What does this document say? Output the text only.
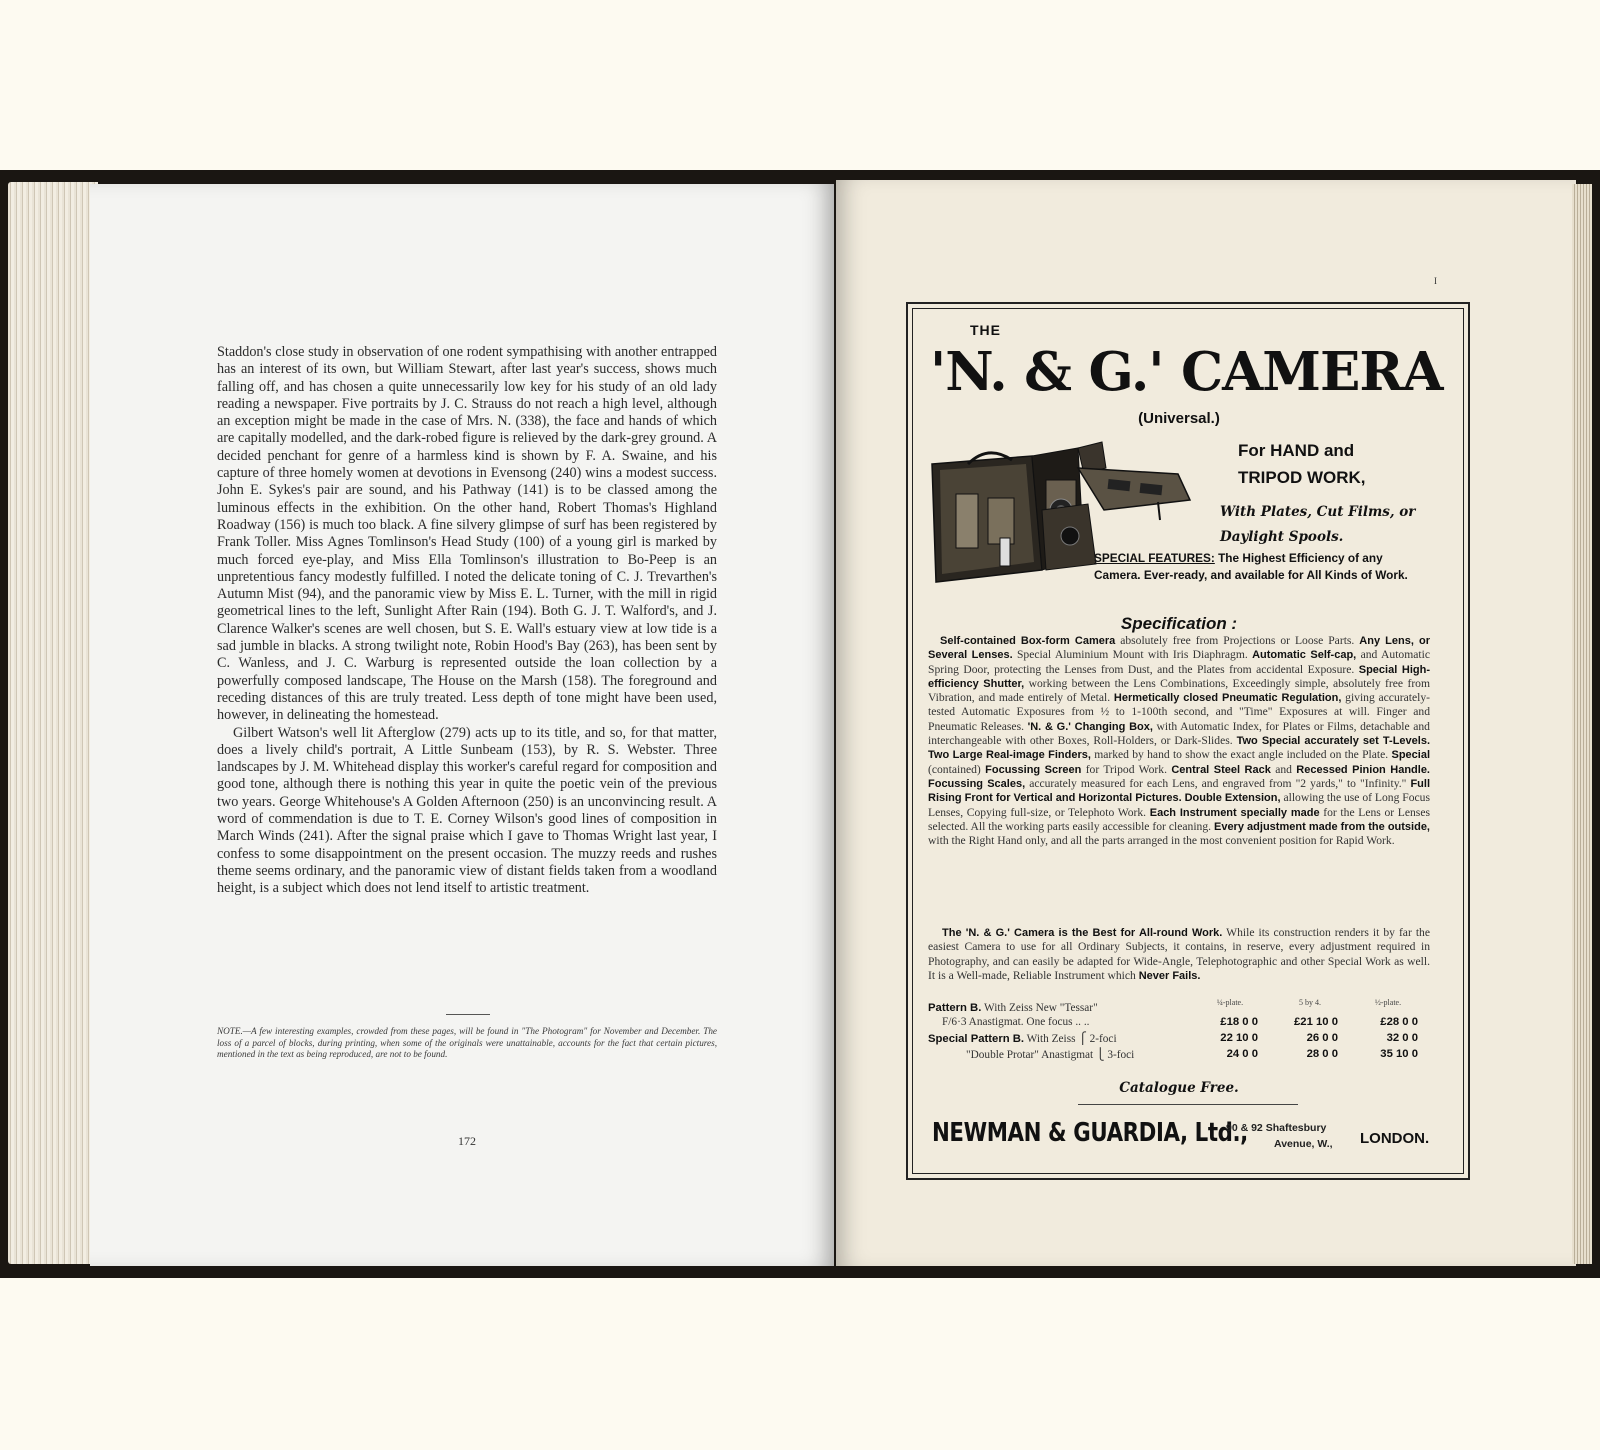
Staddon's close study in observation of one rodent sympathising with another entrapped has an interest of its own, but William Stewart, after last year's success, shows much falling off, and has chosen a quite unnecessarily low key for his study of an old lady reading a newspaper. Five portraits by J. C. Strauss do not reach a high level, although an exception might be made in the case of Mrs. N. (338), the face and hands of which are capitally modelled, and the dark-robed figure is relieved by the dark-grey ground. A decided penchant for genre of a harmless kind is shown by F. A. Swaine, and his capture of three homely women at devotions in Evensong (240) wins a modest success. John E. Sykes's pair are sound, and his Pathway (141) is to be classed among the luminous effects in the exhibition. On the other hand, Robert Thomas's Highland Roadway (156) is much too black. A fine silvery glimpse of surf has been registered by Frank Toller. Miss Agnes Tomlinson's Head Study (100) of a young girl is marked by much forced eye-play, and Miss Ella Tomlinson's illustration to Bo-Peep is an unpretentious fancy modestly fulfilled. I noted the delicate toning of C. J. Trevarthen's Autumn Mist (94), and the panoramic view by Miss E. L. Turner, with the mill in rigid geometrical lines to the left, Sunlight After Rain (194). Both G. J. T. Walford's, and J. Clarence Walker's scenes are well chosen, but S. E. Wall's estuary view at low tide is a sad jumble in blacks. A strong twilight note, Robin Hood's Bay (263), has been sent by C. Wanless, and J. C. Warburg is represented outside the loan collection by a powerfully composed landscape, The House on the Marsh (158). The foreground and receding distances of this are truly treated. Less depth of tone might have been used, however, in delineating the homestead.

Gilbert Watson's well lit Afterglow (279) acts up to its title, and so, for that matter, does a lively child's portrait, A Little Sunbeam (153), by R. S. Webster. Three landscapes by J. M. Whitehead display this worker's careful regard for composition and good tone, although there is nothing this year in quite the poetic vein of the previous two years. George Whitehouse's A Golden Afternoon (250) is an unconvincing result. A word of commendation is due to T. E. Corney Wilson's good lines of composition in March Winds (241). After the signal praise which I gave to Thomas Wright last year, I confess to some disappointment on the present occasion. The muzzy reeds and rushes theme seems ordinary, and the panoramic view of distant fields taken from a woodland height, is a subject which does not lend itself to artistic treatment.

NOTE.—A few interesting examples, crowded from these pages, will be found in "The Photogram" for November and December. The loss of a parcel of blocks, during printing, when some of the originals were unattainable, accounts for the fact that certain pictures, mentioned in the text as being reproduced, are not to be found.
172
I
THE
'N. & G.' CAMERA
(Universal.)
For HAND and
TRIPOD WORK,
With Plates, Cut Films, or
Daylight Spools.
SPECIAL FEATURES: The Highest Efficiency of any Camera. Ever-ready, and available for All Kinds of Work.
Specification :
Self-contained Box-form Camera absolutely free from Projections or Loose Parts. Any Lens, or Several Lenses. Special Aluminium Mount with Iris Diaphragm. Automatic Self-cap, and Automatic Spring Door, protecting the Lenses from Dust, and the Plates from accidental Exposure. Special High-efficiency Shutter, working between the Lens Combinations, Exceedingly simple, absolutely free from Vibration, and made entirely of Metal. Hermetically closed Pneumatic Regulation, giving accurately-tested Automatic Exposures from ½ to 1-100th second, and "Time" Exposures at will. Finger and Pneumatic Releases. 'N. & G.' Changing Box, with Automatic Index, for Plates or Films, detachable and interchangeable with other Boxes, Roll-Holders, or Dark-Slides. Two Special accurately set T-Levels. Two Large Real-image Finders, marked by hand to show the exact angle included on the Plate. Special (contained) Focussing Screen for Tripod Work. Central Steel Rack and Recessed Pinion Handle. Focussing Scales, accurately measured for each Lens, and engraved from "2 yards," to "Infinity." Full Rising Front for Vertical and Horizontal Pictures. Double Extension, allowing the use of Long Focus Lenses, Copying full-size, or Telephoto Work. Each Instrument specially made for the Lens or Lenses selected. All the working parts easily accessible for cleaning. Every adjustment made from the outside, with the Right Hand only, and all the parts arranged in the most convenient position for Rapid Work.
The 'N. & G.' Camera is the Best for All-round Work. While its construction renders it by far the easiest Camera to use for all Ordinary Subjects, it contains, in reserve, every adjustment required in Photography, and can easily be adapted for Wide-Angle, Telephotographic and other Special Work as well. It is a Well-made, Reliable Instrument which Never Fails.
¼-plate.	5 by 4.	½-plate.
Pattern B. With Zeiss New "Tessar"
F/6·3 Anastigmat. One focus .. ..	£18 0 0	£21 10 0	£28 0 0
Special Pattern B. With Zeiss ⎧ 2-foci	22 10 0	26 0 0	32 0 0
"Double Protar" Anastigmat ⎩ 3-foci	24 0 0	28 0 0	35 10 0
Catalogue Free.
NEWMAN & GUARDIA, Ltd.,
90 & 92 Shaftesbury
Avenue, W.,	LONDON.
